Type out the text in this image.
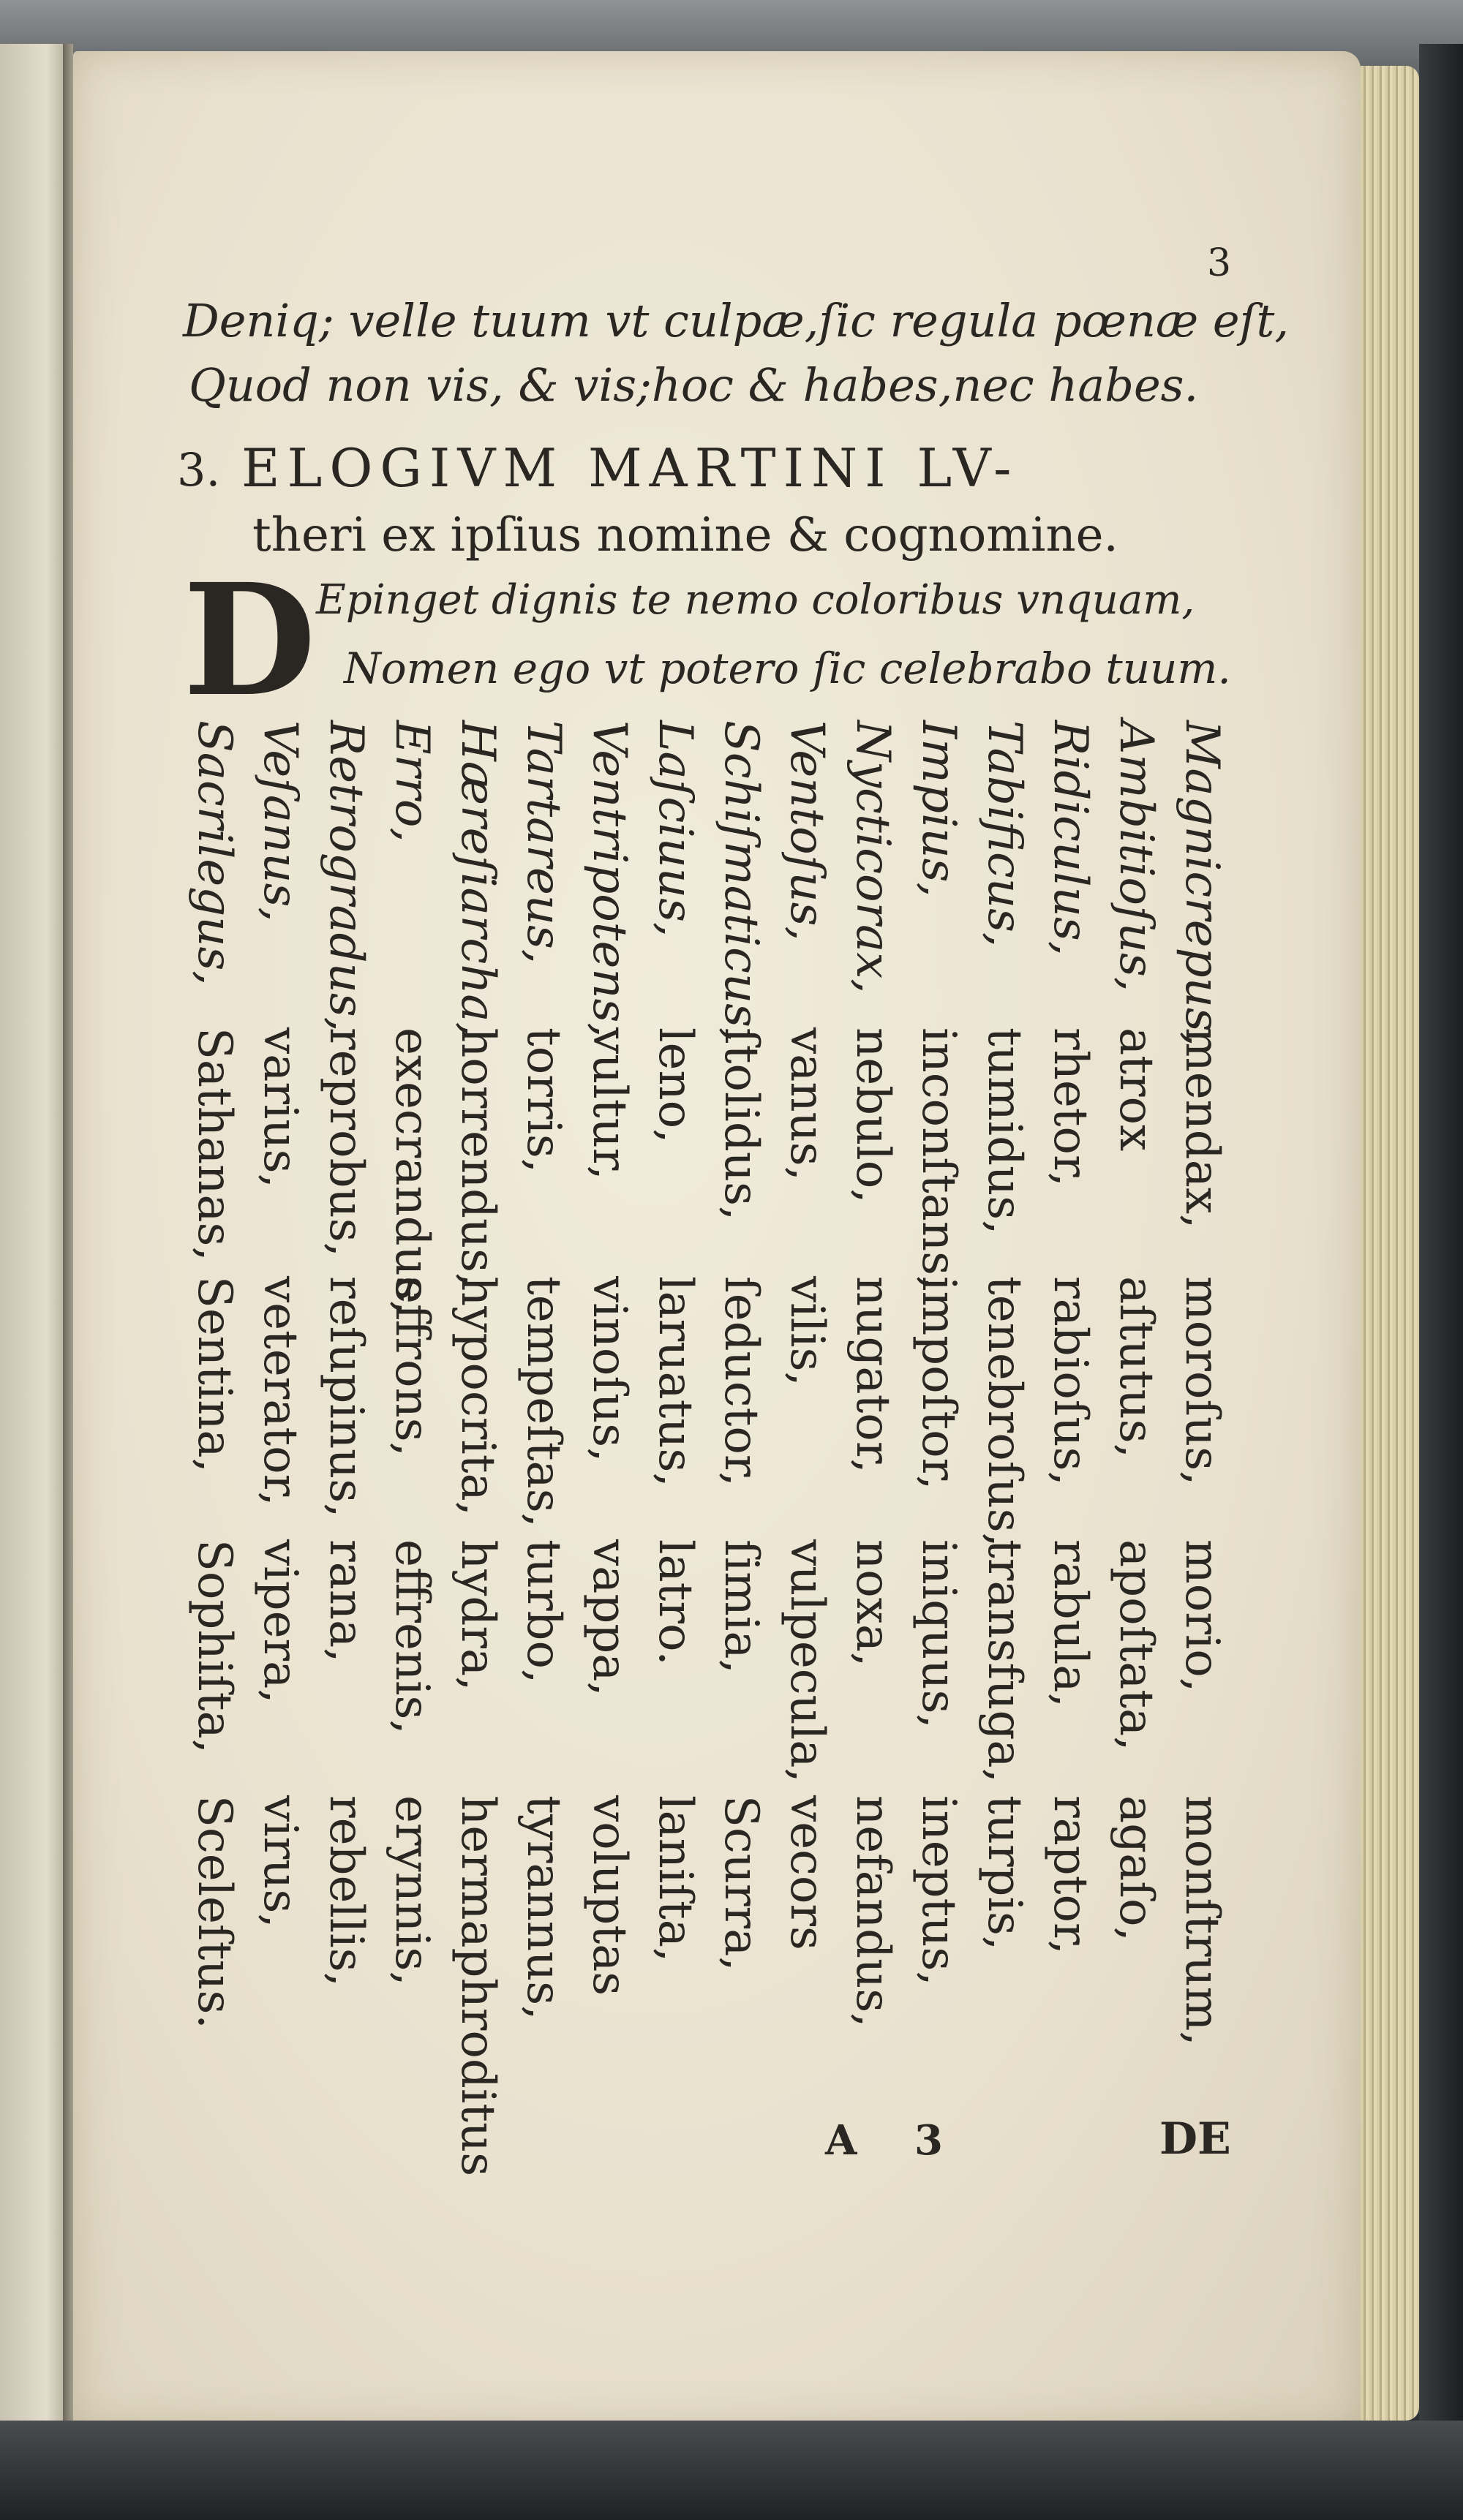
3
Deniq; velle tuum vt culpæ,ſic regula pœnæ eſt,
Quod non vis, & vis;hoc & habes,nec habes.
3. ELOGIVM MARTINI LV-
theri ex ipſius nomine & cognomine.
D Epinget dignis te nemo coloribus vnquam,
Nomen ego vt potero ſic celebrabo tuum.
Magnicrepus,
mendax,
moroſus,
morio,
monſtrum,
Ambitioſus,
atrox
aſtutus,
apoſtata,
agaſo,
Ridiculus,
rhetor,
rabioſus,
rabula,
raptor,
Tabificus,
tumidus,
tenebroſus,
transfuga,
turpis,
Impius,
inconſtans,
impoſtor,
iniquus,
ineptus,
Nycticorax,
nebulo,
nugator,
noxa,
nefandus,
Ventoſus,
vanus,
vilis,
vulpecula,
vecors
Schiſmaticus,
ſtolidus,
ſeductor,
ſimia,
Scurra,
Laſciuus,
leno,
laruatus,
latro.
laniſta,
Ventripotens,
vultur,
vinoſus,
vappa,
voluptas
Tartareus,
torris,
tempeſtas,
turbo,
tyrannus,
Hæreſiarcha,
horrendus,
hypocrita,
hydra,
hermaphroditus
Erro,
execrandus,
effrons,
effrenis,
erynnis,
Retrogradus,
reprobus,
reſupinus,
rana,
rebellis,
Veſanus,
varius,
veterator,
vipera,
virus,
Sacrilegus,
Sathanas,
Sentina,
Sophiſta,
Sceleſtus.
A 3	DE
